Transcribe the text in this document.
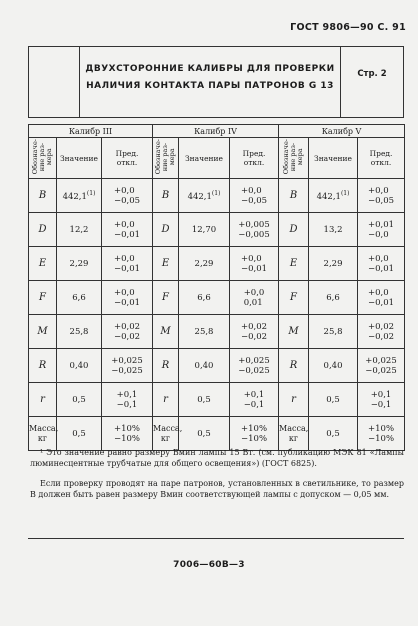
ГОСТ 9806—90 С. 91
ДВУХСТОРОННИЕ КАЛИБРЫ ДЛЯ ПРОВЕРКИ
НАЛИЧИЯ КОНТАКТА ПАРЫ ПАТРОНОВ G 13
Стр. 2
Калибр III			Калибр IV			Калибр V		
Обозначе-
ние раз-
мера	Значение	Пред.
откл.	Обозначе-
ние раз-
мера	Значение	Пред.
откл.	Обозначе-
ние раз-
мера	Значение	Пред.
откл.
B	$442,1^{(1)}$	+0,0
−0,05	B	$442,1^{(1)}$	+0,0
−0,05	B	$442,1^{(1)}$	+0,0
−0,05

D	12,2	+0,0
−0,01	D	12,70	+0,005
−0,005	D	13,2	+0,01
−0,0

E	2,29	+0,0
−0,01	E	2,29	+0,0
−0,01	E	2,29	+0,0
−0,01

F	6,6	+0,0
−0,01	F	6,6	+0,0
0,01	F	6,6	+0,0
−0,01

M	25,8	+0,02
−0,02	M	25,8	+0,02
−0,02	M	25,8	+0,02
−0,02

R	0,40	+0,025
−0,025	R	0,40	+0,025
−0,025	R	0,40	+0,025
−0,025

r	0,5	+0,1
−0,1	r	0,5	+0,1
−0,1	r	0,5	+0,1
−0,1

Масса, кг	0,5	+10%
−10%	Масса, кг	0,5	+10%
−10%	Масса, кг	0,5	+10%
−10%
¹ Это значение равно размеру Bмин лампы 15 Вт. (см. публикацию МЭК 81 «Лампы люминесцентные трубчатые для общего освещения») (ГОСТ 6825).
Если проверку проводят на паре патронов, установленных в светильнике, то размер B должен быть равен размеру Bмин соответствующей лампы с допуском — 0,05 мм.
7006—60В—3
